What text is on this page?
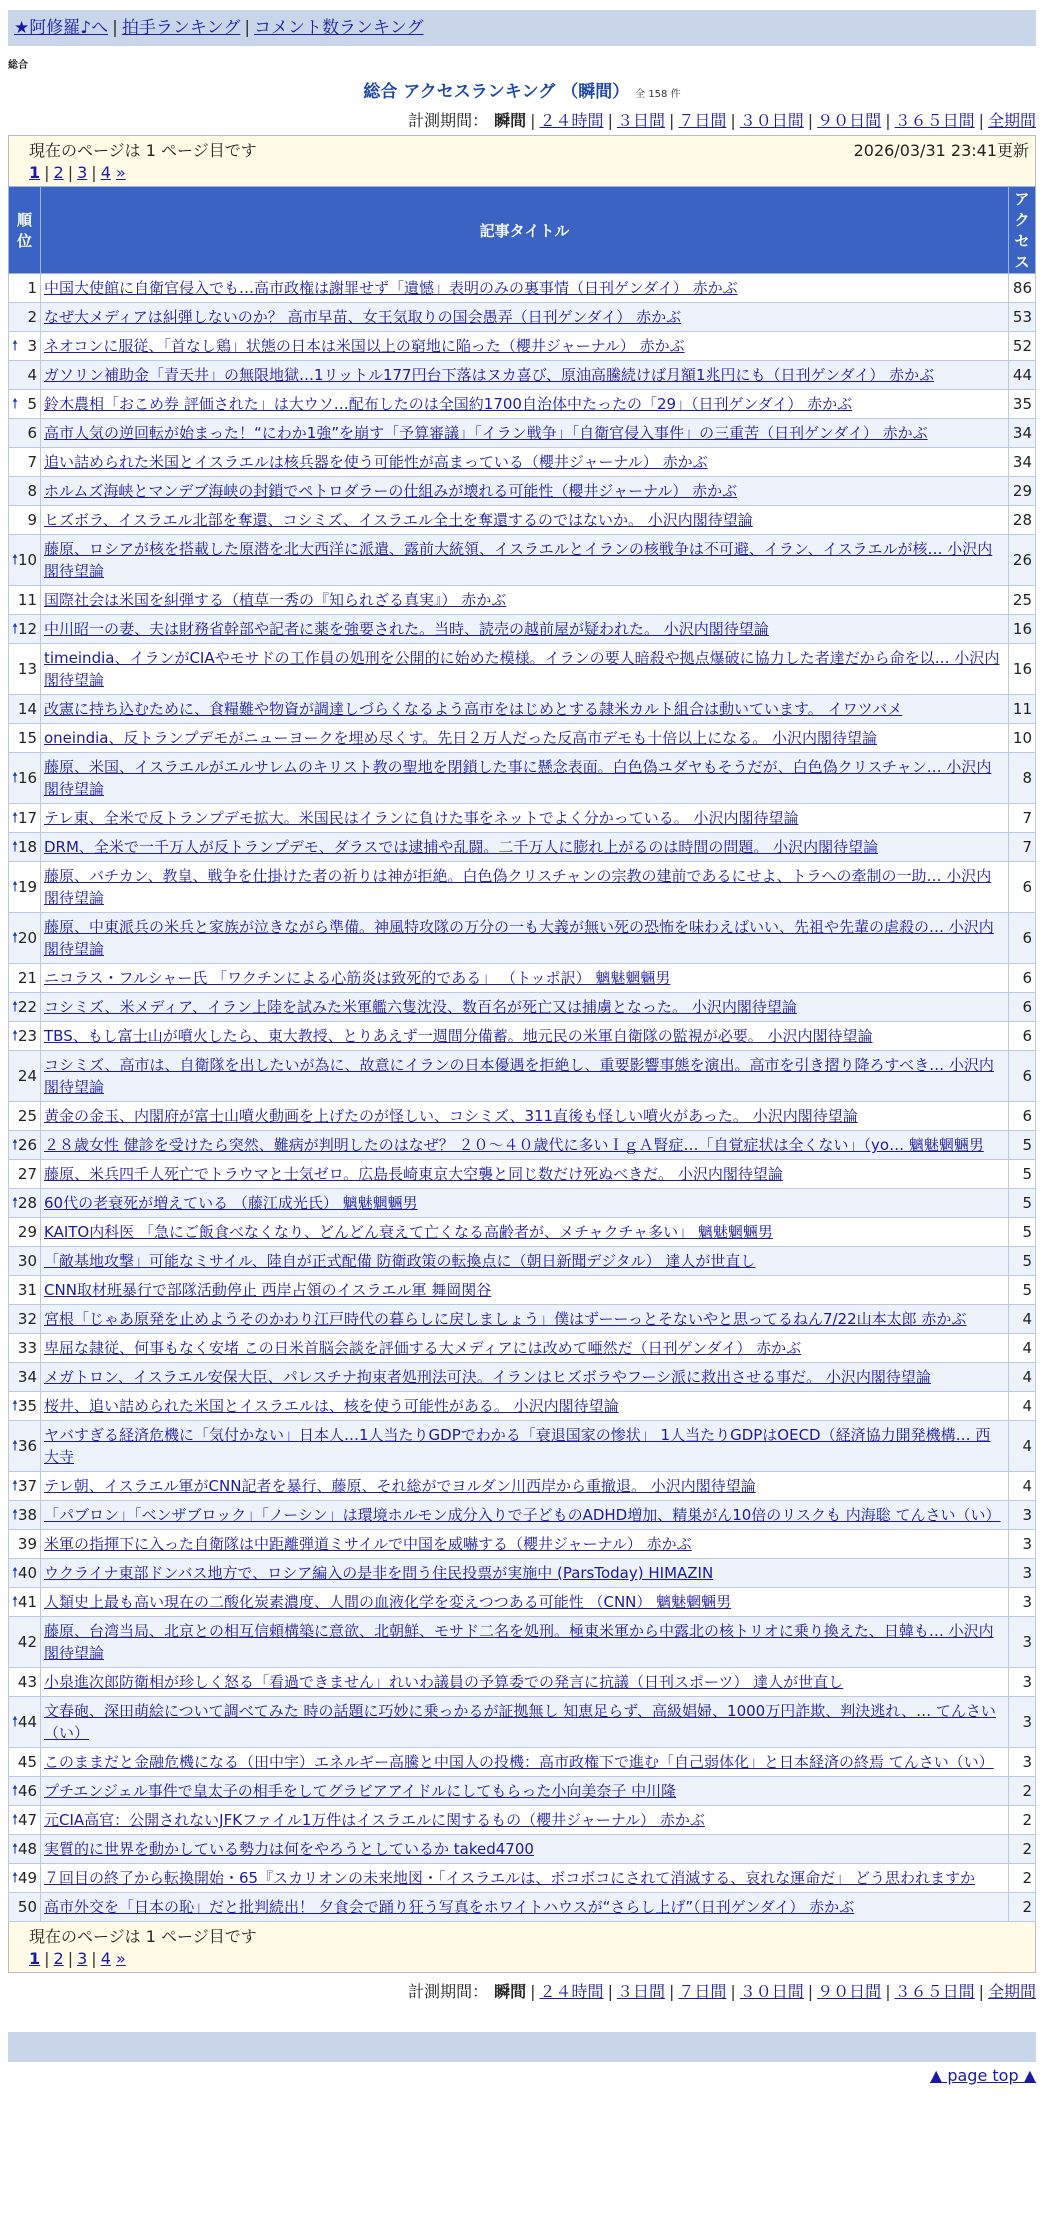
★阿修羅♪へ | 拍手ランキング | コメント数ランキング
総合
総合 アクセスランキング （瞬間） 全 158 件
計測期間： 瞬間 | ２４時間 | ３日間 | ７日間 | ３０日間 | ９０日間 | ３６５日間 | 全期間
現在のページは 1 ページ目です	2026/03/31 23:41更新
1 | 2 | 3 | 4 »
順位	記事タイトル	アクセス
1	中国大使館に自衛官侵入でも…高市政権は謝罪せず「遺憾」表明のみの裏事情（日刊ゲンダイ） 赤かぶ	86
2	なぜ大メディアは糾弾しないのか？ 高市早苗、女王気取りの国会愚弄（日刊ゲンダイ） 赤かぶ	53

🠕 3	ネオコンに服従、「首なし鶏」状態の日本は米国以上の窮地に陥った（櫻井ジャーナル） 赤かぶ	52
4	ガソリン補助金「青天井」の無限地獄…1リットル177円台下落はヌカ喜び、原油高騰続けば月額1兆円にも（日刊ゲンダイ） 赤かぶ	44

🠕 5	鈴木農相「おこめ券 評価された」は大ウソ…配布したのは全国約1700自治体中たったの「29」（日刊ゲンダイ） 赤かぶ	35
6	高市人気の逆回転が始まった！“にわか1強”を崩す「予算審議」「イラン戦争」「自衛官侵入事件」の三重苦（日刊ゲンダイ） 赤かぶ	34
7	追い詰められた米国とイスラエルは核兵器を使う可能性が高まっている（櫻井ジャーナル） 赤かぶ	34
8	ホルムズ海峡とマンデブ海峡の封鎖でペトロダラーの仕組みが壊れる可能性（櫻井ジャーナル） 赤かぶ	29
9	ヒズボラ、イスラエル北部を奪還、コシミズ、イスラエル全土を奪還するのではないか。 小沢内閣待望論	28

🠕 10	藤原、ロシアが核を搭載した原潜を北大西洋に派遣、露前大統領、イスラエルとイランの核戦争は不可避、イラン、イスラエルが核… 小沢内閣待望論	26
11	国際社会は米国を糾弾する（植草一秀の『知られざる真実』） 赤かぶ	25

🠕 12	中川昭一の妻、夫は財務省幹部や記者に薬を強要された。当時、読売の越前屋が疑われた。 小沢内閣待望論	16
13	timeindia、イランがCIAやモサドの工作員の処刑を公開的に始めた模様。イランの要人暗殺や拠点爆破に協力した者達だから命を以… 小沢内閣待望論	16
14	改憲に持ち込むために、食糧難や物資が調達しづらくなるよう高市をはじめとする隷米カルト組合は動いています。 イワツバメ	11
15	oneindia、反トランプデモがニューヨークを埋め尽くす。先日２万人だった反高市デモも十倍以上になる。 小沢内閣待望論	10

🠕 16	藤原、米国、イスラエルがエルサレムのキリスト教の聖地を閉鎖した事に懸念表面。白色偽ユダヤもそうだが、白色偽クリスチャン… 小沢内閣待望論	8

🠕 17	テレ東、全米で反トランプデモ拡大。米国民はイランに負けた事をネットでよく分かっている。 小沢内閣待望論	7

🠕 18	DRM、全米で一千万人が反トランプデモ、ダラスでは逮捕や乱闘。二千万人に膨れ上がるのは時間の問題。 小沢内閣待望論	7

🠕 19	藤原、バチカン、教皇、戦争を仕掛けた者の祈りは神が拒絶。白色偽クリスチャンの宗教の建前であるにせよ、トラへの牽制の一助… 小沢内閣待望論	6

🠕 20	藤原、中東派兵の米兵と家族が泣きながら準備。神風特攻隊の万分の一も大義が無い死の恐怖を味わえばいい、先祖や先輩の虐殺の… 小沢内閣待望論	6
21	ニコラス・フルシャー氏 「ワクチンによる心筋炎は致死的である」 （トッポ訳） 魑魅魍魎男	6

🠕 22	コシミズ、米メディア、イラン上陸を試みた米軍艦六隻沈没、数百名が死亡又は捕虜となった。 小沢内閣待望論	6

🠕 23	TBS、もし富士山が噴火したら、東大教授、とりあえず一週間分備蓄。地元民の米軍自衛隊の監視が必要。 小沢内閣待望論	6
24	コシミズ、高市は、自衛隊を出したいが為に、故意にイランの日本優遇を拒絶し、重要影響事態を演出。高市を引き摺り降ろすべき… 小沢内閣待望論	6
25	黄金の金玉、内閣府が富士山噴火動画を上げたのが怪しい、コシミズ、311直後も怪しい噴火があった。 小沢内閣待望論	6

🠕 26	２８歳女性 健診を受けたら突然、難病が判明したのはなぜ？ ２０～４０歳代に多いＩｇＡ腎症…「自覚症状は全くない」（yo… 魑魅魍魎男	5
27	藤原、米兵四千人死亡でトラウマと士気ゼロ。広島長崎東京大空襲と同じ数だけ死ぬべきだ。 小沢内閣待望論	5

🠕 28	60代の老衰死が増えている （藤江成光氏） 魑魅魍魎男	5
29	KAITO内科医 「急にご飯食べなくなり、どんどん衰えて亡くなる高齢者が、メチャクチャ多い」 魑魅魍魎男	5
30	「敵基地攻撃」可能なミサイル、陸自が正式配備 防衛政策の転換点に（朝日新聞デジタル） 達人が世直し	5
31	CNN取材班暴行で部隊活動停止 西岸占領のイスラエル軍 舞岡関谷	5
32	宮根「じゃあ原発を止めようそのかわり江戸時代の暮らしに戻しましょう」僕はずーーっとそないやと思ってるねん7/22山本太郎 赤かぶ	4
33	卑屈な隷従、何事もなく安堵 この日米首脳会談を評価する大メディアには改めて唖然だ（日刊ゲンダイ） 赤かぶ	4
34	メガトロン、イスラエル安保大臣、パレスチナ拘束者処刑法可決。イランはヒズボラやフーシ派に救出させる事だ。 小沢内閣待望論	4

🠕 35	桜井、追い詰められた米国とイスラエルは、核を使う可能性がある。 小沢内閣待望論	4

🠕 36	ヤバすぎる経済危機に「気付かない」日本人…1人当たりGDPでわかる「衰退国家の惨状」 1人当たりGDPはOECD（経済協力開発機構… 西大寺	4

🠕 37	テレ朝、イスラエル軍がCNN記者を暴行、藤原、それ総がでヨルダン川西岸から重撤退。 小沢内閣待望論	4

🠕 38	「パブロン」「ベンザブロック」「ノーシン」は環境ホルモン成分入りで子どものADHD増加、精巣がん10倍のリスクも 内海聡 てんさい（い）	3
39	米軍の指揮下に入った自衛隊は中距離弾道ミサイルで中国を威嚇する（櫻井ジャーナル） 赤かぶ	3

🠕 40	ウクライナ東部ドンバス地方で、ロシア編入の是非を問う住民投票が実施中 (ParsToday) HIMAZIN	3

🠕 41	人類史上最も高い現在の二酸化炭素濃度、人間の血液化学を変えつつある可能性 （CNN） 魑魅魍魎男	3
42	藤原、台湾当局、北京との相互信頼構築に意欲、北朝鮮、モサド二名を処刑。極東米軍から中露北の核トリオに乗り換えた、日韓も… 小沢内閣待望論	3
43	小泉進次郎防衛相が珍しく怒る「看過できません」れいわ議員の予算委での発言に抗議（日刊スポーツ） 達人が世直し	3

🠕 44	文春砲、深田萌絵について調べてみた 時の話題に巧妙に乗っかるが証拠無し 知恵足らず、高級娼婦、1000万円詐欺、判決逃れ、… てんさい（い）	3
45	このままだと金融危機になる（田中宇）エネルギー高騰と中国人の投機：高市政権下で進む「自己弱体化」と日本経済の終焉 てんさい（い）	3

🠕 46	プチエンジェル事件で皇太子の相手をしてグラビアアイドルにしてもらった小向美奈子 中川隆	2

🠕 47	元CIA高官：公開されないJFKファイル1万件はイスラエルに関するもの（櫻井ジャーナル） 赤かぶ	2

🠕 48	実質的に世界を動かしている勢力は何をやろうとしているか taked4700	2

🠕 49	７回目の終了から転換開始・65『スカリオンの未来地図・「イスラエルは、ボコボコにされて消滅する、哀れな運命だ」 どう思われますか	2
50	高市外交を「日本の恥」だと批判続出！ 夕食会で踊り狂う写真をホワイトハウスが“さらし上げ”（日刊ゲンダイ） 赤かぶ	2
現在のページは 1 ページ目です
1 | 2 | 3 | 4 »
計測期間： 瞬間 | ２４時間 | ３日間 | ７日間 | ３０日間 | ９０日間 | ３６５日間 | 全期間
▲ page top ▲
